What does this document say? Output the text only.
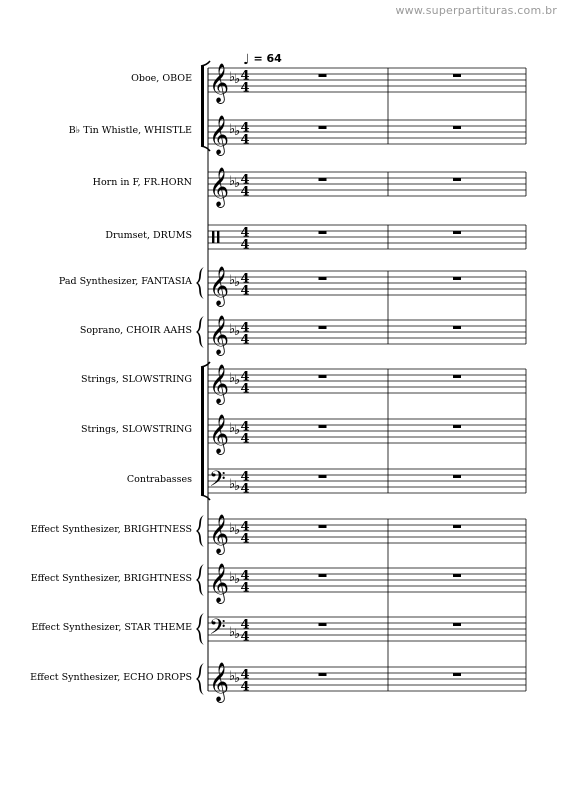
www.superpartituras.com.br
♩ = 64
Oboe, OBOE
B♭ Tin Whistle, WHISTLE
Horn in F, FR.HORN
Drumset, DRUMS
Pad Synthesizer, FANTASIA
Soprano, CHOIR AAHS
Strings, SLOWSTRING
Strings, SLOWSTRING
Contrabasses
Effect Synthesizer, BRIGHTNESS
Effect Synthesizer, BRIGHTNESS
Effect Synthesizer, STAR THEME
Effect Synthesizer, ECHO DROPS
𝄞 ♭
♭ 4
4
𝄞 ♭
♭ 4
4
𝄞 ♭
♭ 4
4
4
4
𝄞 ♭
♭ 4
4
𝄞 ♭
♭ 4
4
𝄞 ♭
♭ 4
4
𝄞 ♭
♭ 4
4
𝄢 ♭
♭
4
4
𝄞 ♭
♭ 4
4
𝄞 ♭
♭ 4
4
𝄢 ♭
♭
4
4
𝄞 ♭
♭ 4
4
